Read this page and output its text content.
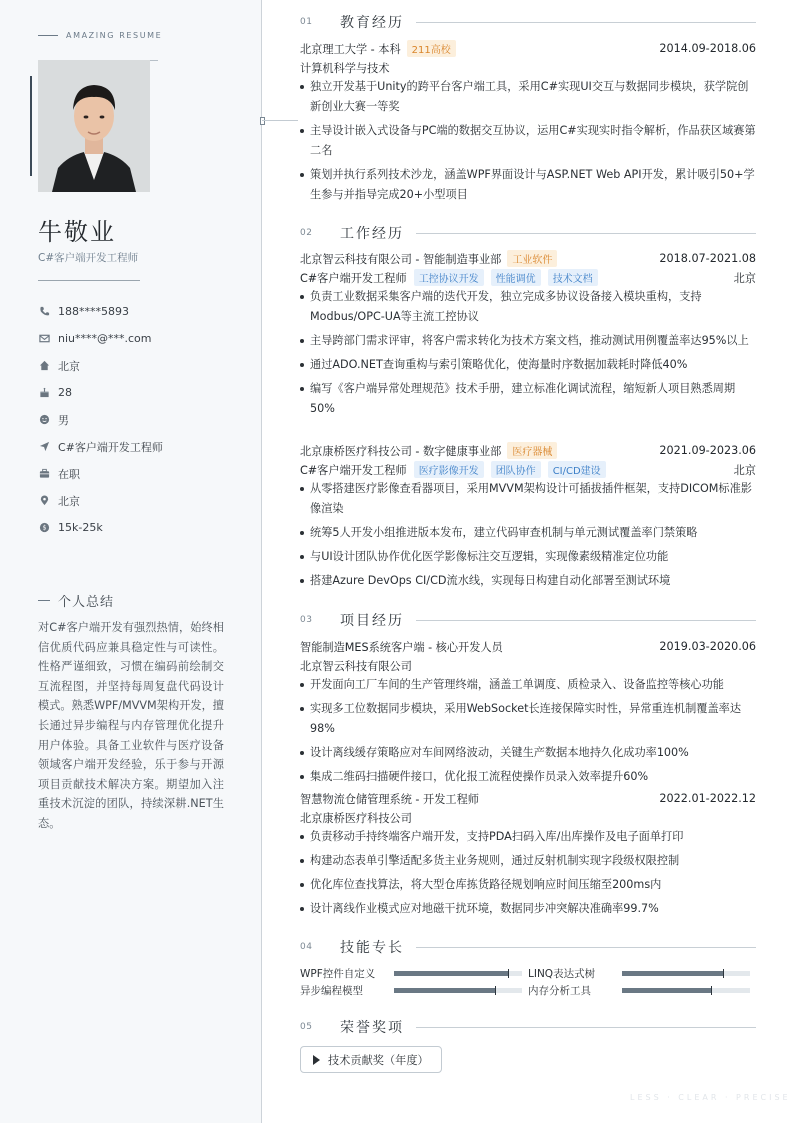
AMAZING RESUME
牛敬业
C#客户端开发工程师
188****5893
niu****@***.com
北京
28
男
C#客户端开发工程师
在职
北京
$ 15k-25k
个人总结
对C#客户端开发有强烈热情，始终相信优质代码应兼具稳定性与可读性。性格严谨细致，习惯在编码前绘制交互流程图，并坚持每周复盘代码设计模式。熟悉WPF/MVVM架构开发，擅长通过异步编程与内存管理优化提升用户体验。具备工业软件与医疗设备领域客户端开发经验，乐于参与开源项目贡献技术解决方案。期望加入注重技术沉淀的团队，持续深耕.NET生态。
01	教育经历
北京理工大学 - 本科	211高校	2014.09-2018.06
计算机科学与技术
独立开发基于Unity的跨平台客户端工具，采用C#实现UI交互与数据同步模块，获学院创新创业大赛一等奖
主导设计嵌入式设备与PC端的数据交互协议，运用C#实现实时指令解析，作品获区域赛第二名
策划并执行系列技术沙龙，涵盖WPF界面设计与ASP.NET Web API开发，累计吸引50+学生参与并指导完成20+小型项目
02	工作经历
北京智云科技有限公司 - 智能制造事业部	工业软件	2018.07-2021.08
C#客户端开发工程师	工控协议开发	性能调优	技术文档	北京
负责工业数据采集客户端的迭代开发，独立完成多协议设备接入模块重构，支持Modbus/OPC-UA等主流工控协议
主导跨部门需求评审，将客户需求转化为技术方案文档，推动测试用例覆盖率达95%以上
通过ADO.NET查询重构与索引策略优化，使海量时序数据加载耗时降低40%
编写《客户端异常处理规范》技术手册，建立标准化调试流程，缩短新人项目熟悉周期50%
北京康桥医疗科技公司 - 数字健康事业部	医疗器械	2021.09-2023.06
C#客户端开发工程师	医疗影像开发	团队协作	CI/CD建设	北京
从零搭建医疗影像查看器项目，采用MVVM架构设计可插拔插件框架，支持DICOM标准影像渲染
统筹5人开发小组推进版本发布，建立代码审查机制与单元测试覆盖率门禁策略
与UI设计团队协作优化医学影像标注交互逻辑，实现像素级精准定位功能
搭建Azure DevOps CI/CD流水线，实现每日构建自动化部署至测试环境
03	项目经历
智能制造MES系统客户端 - 核心开发人员	2019.03-2020.06
北京智云科技有限公司
开发面向工厂车间的生产管理终端，涵盖工单调度、质检录入、设备监控等核心功能
实现多工位数据同步模块，采用WebSocket长连接保障实时性，异常重连机制覆盖率达98%
设计离线缓存策略应对车间网络波动，关键生产数据本地持久化成功率100%
集成二维码扫描硬件接口，优化报工流程使操作员录入效率提升60%
智慧物流仓储管理系统 - 开发工程师	2022.01-2022.12
北京康桥医疗科技公司
负责移动手持终端客户端开发，支持PDA扫码入库/出库操作及电子面单打印
构建动态表单引擎适配多货主业务规则，通过反射机制实现字段级权限控制
优化库位查找算法，将大型仓库拣货路径规划响应时间压缩至200ms内
设计离线作业模式应对地磁干扰环境，数据同步冲突解决准确率99.7%
04	技能专长
WPF控件自定义	LINQ表达式树
异步编程模型	内存分析工具
05	荣誉奖项
技术贡献奖（年度）
LESS · CLEAR · PRECISE
